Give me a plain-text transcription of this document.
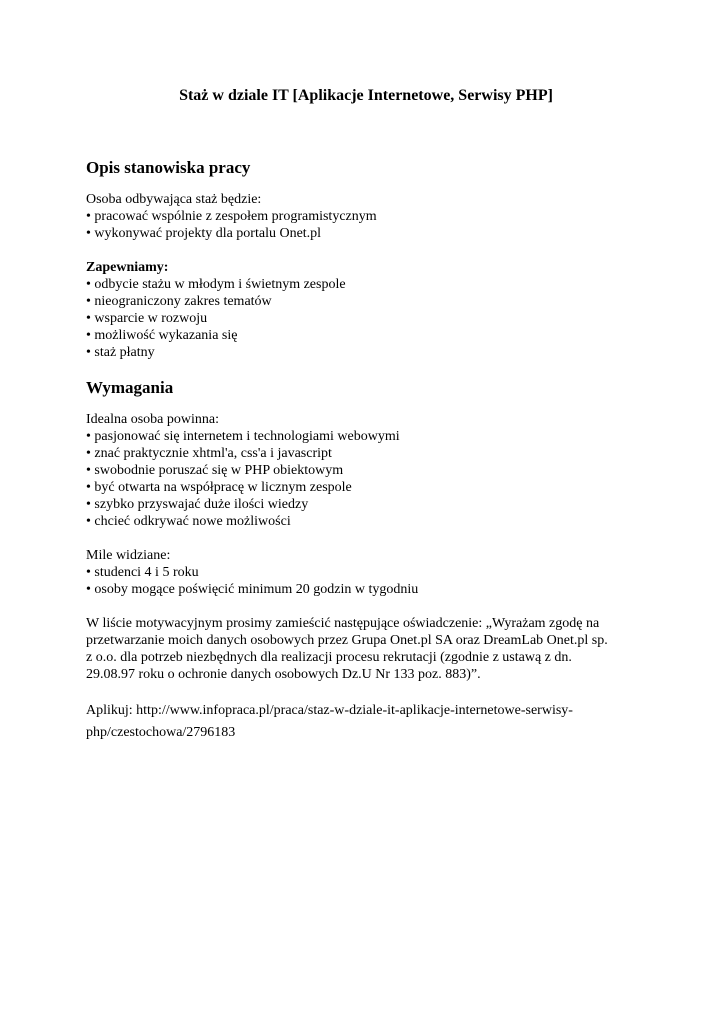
Staż w dziale IT [Aplikacje Internetowe, Serwisy PHP]
Opis stanowiska pracy

Osoba odbywająca staż będzie:

• pracować wspólnie z zespołem programistycznym
• wykonywać projekty dla portalu Onet.pl

Zapewniamy:

• odbycie stażu w młodym i świetnym zespole
• nieograniczony zakres tematów
• wsparcie w rozwoju
• możliwość wykazania się
• staż płatny
Wymagania

Idealna osoba powinna:

• pasjonować się internetem i technologiami webowymi
• znać praktycznie xhtml'a, css'a i javascript
• swobodnie poruszać się w PHP obiektowym
• być otwarta na współpracę w licznym zespole
• szybko przyswajać duże ilości wiedzy
• chcieć odkrywać nowe możliwości

Mile widziane:

• studenci 4 i 5 roku
• osoby mogące poświęcić minimum 20 godzin w tygodniu

W liście motywacyjnym prosimy zamieścić następujące oświadczenie: „Wyrażam zgodę na

przetwarzanie moich danych osobowych przez Grupa Onet.pl SA oraz DreamLab Onet.pl sp.

z o.o. dla potrzeb niezbędnych dla realizacji procesu rekrutacji (zgodnie z ustawą z dn.

29.08.97 roku o ochronie danych osobowych Dz.U Nr 133 poz. 883)”.

Aplikuj: http://www.infopraca.pl/praca/staz-w-dziale-it-aplikacje-internetowe-serwisy-

php/czestochowa/2796183
